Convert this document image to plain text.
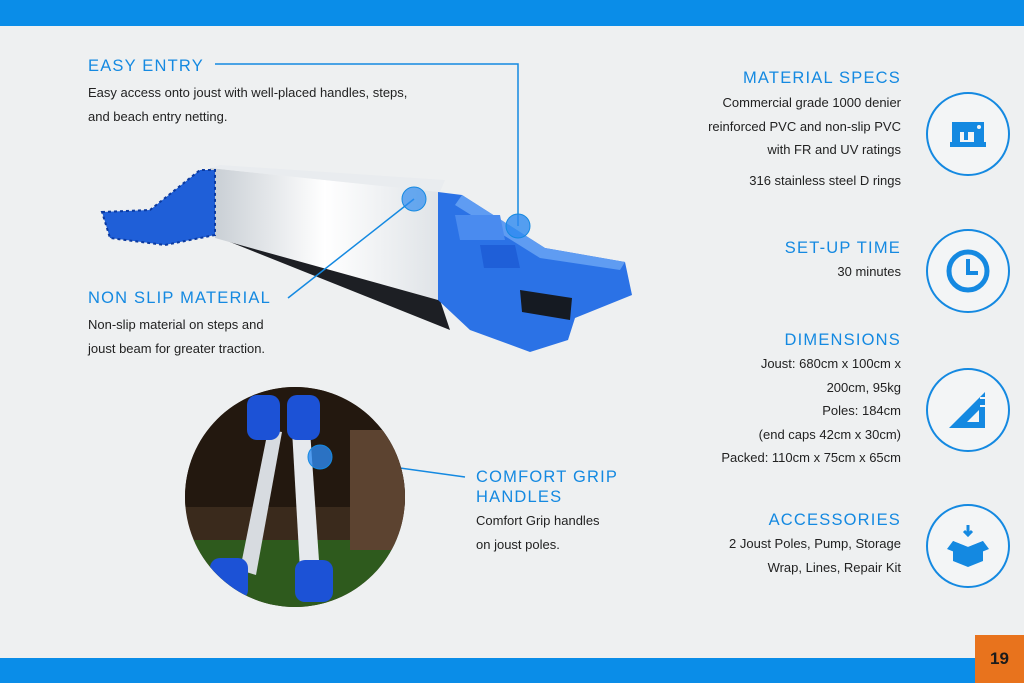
19
EASY ENTRY
Easy access onto joust with well-placed handles, steps,
and beach entry netting.
NON SLIP MATERIAL
Non-slip material on steps and
joust beam for greater traction.
COMFORT GRIP
HANDLES
Comfort Grip handles
on joust poles.
MATERIAL SPECS
Commercial grade 1000 denier
reinforced PVC and non-slip PVC
with FR and UV ratings
316 stainless steel D rings
SET-UP TIME
30 minutes
DIMENSIONS
Joust: 680cm x 100cm x
200cm, 95kg
Poles: 184cm
(end caps 42cm x 30cm)
Packed: 110cm x 75cm x 65cm
ACCESSORIES
2 Joust Poles, Pump, Storage
Wrap, Lines, Repair Kit
